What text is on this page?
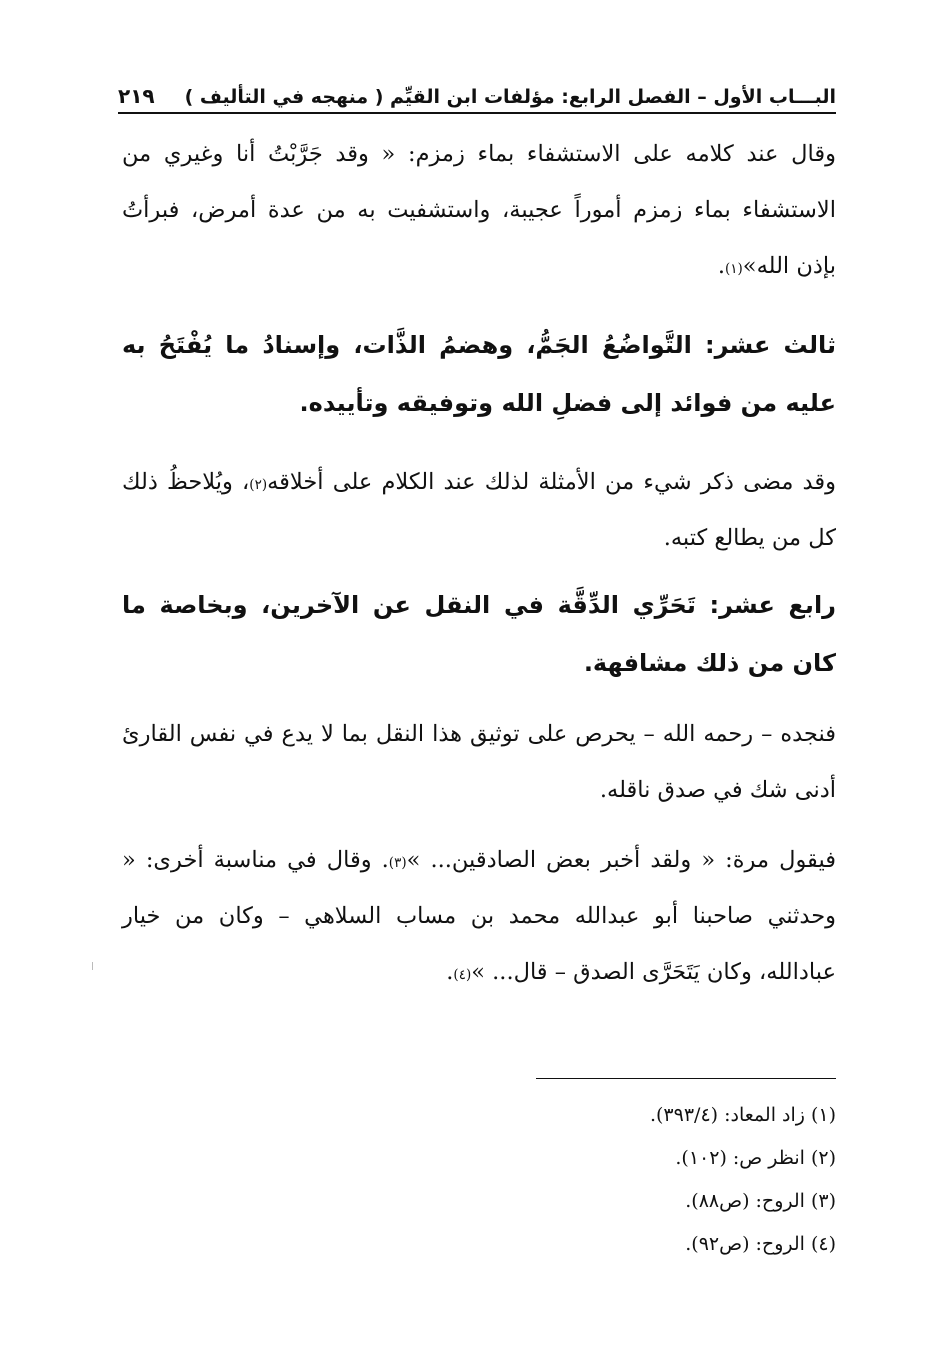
البـــاب الأول – الفصل الرابع: مؤلفات ابن القيِّم ( منهجه في التأليف )
٢١٩

وقال عند كلامه على الاستشفاء بماء زمزم: « وقد جَرَّبْتُ أنا وغيري من الاستشفاء بماء زمزم أموراً عجيبة، واستشفيت به من عدة أمرض، فبرأتُ بإذن الله»$^{(١)}$.

ثالث عشر: التَّواضُعُ الجَمُّ، وهضمُ الذَّات، وإسنادُ ما يُفْتَحُ به عليه من فوائد إلى فضلِ الله وتوفيقه وتأييده.

وقد مضى ذكر شيء من الأمثلة لذلك عند الكلام على أخلاقه$^{(٢)}$، ويُلاحظُ ذلك كل من يطالع كتبه.

رابع عشر: تَحَرِّي الدِّقَّة في النقل عن الآخرين، وبخاصة ما كان من ذلك مشافهة.

فنجده – رحمه الله – يحرص على توثيق هذا النقل بما لا يدع في نفس القارئ أدنى شك في صدق ناقله.

فيقول مرة: « ولقد أخبر بعض الصادقين... »$^{(٣)}$. وقال في مناسبة أخرى: « وحدثني صاحبنا أبو عبدالله محمد بن مساب السلاهي – وكان من خيار عبادالله، وكان يَتَحَرَّى الصدق – قال... »$^{(٤)}$.

(١)زاد المعاد: (٣٩٣/٤).
(٢)انظر ص: (١٠٢).
(٣)الروح: (ص٨٨).
(٤)الروح: (ص٩٢).
